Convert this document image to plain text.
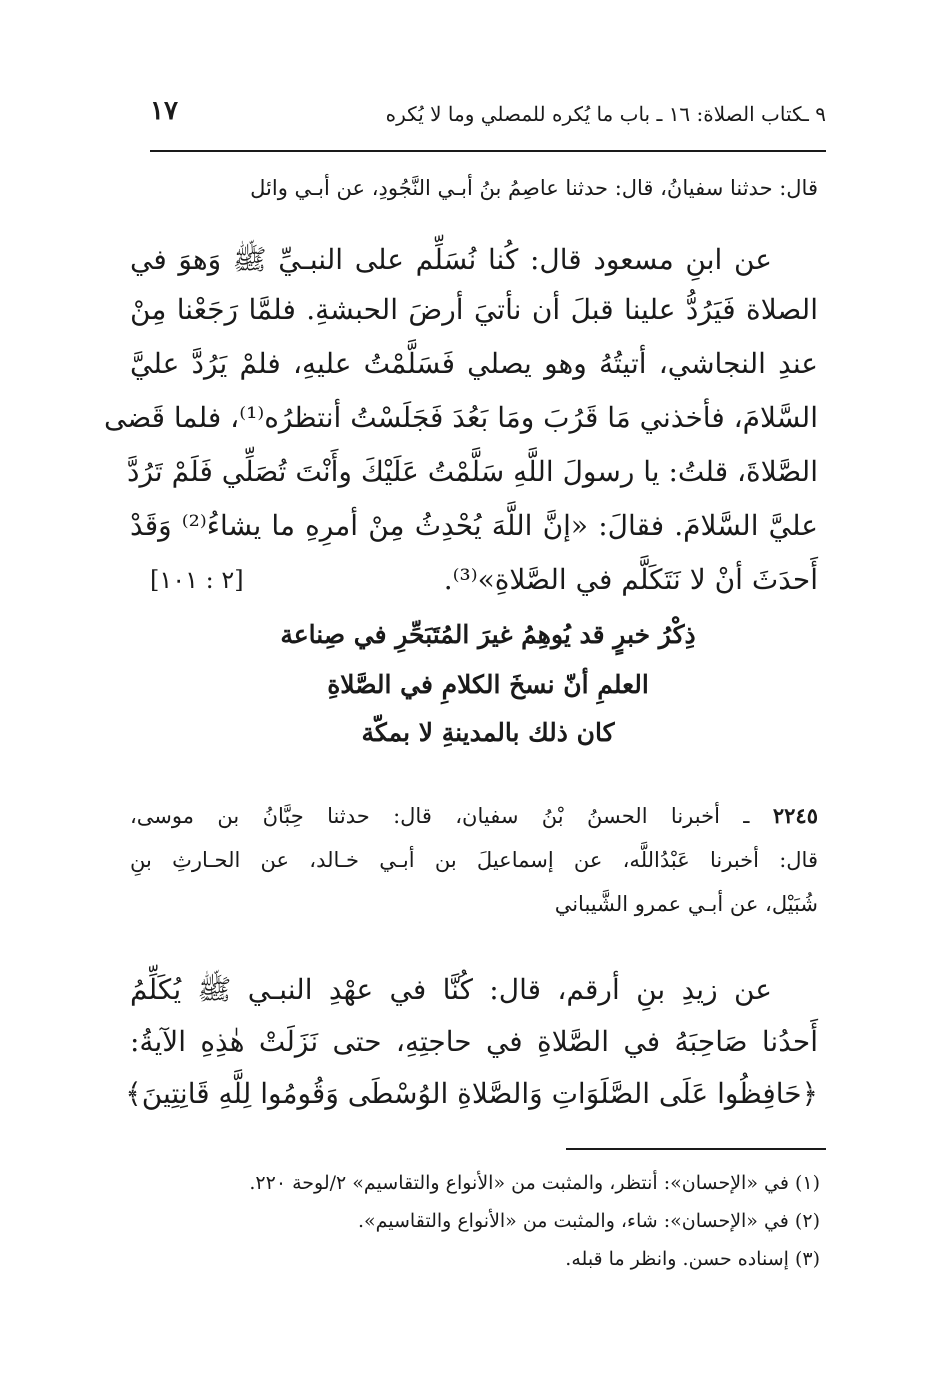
١٧	٩ ـكتاب الصلاة: ١٦ ـ باب ما يُكره للمصلي وما لا يُكره
قال: حدثنا سفيانُ، قال: حدثنا عاصِمُ بنُ أبـي النَّجُودِ، عن أبـي وائل
عن ابنِ مسعود قال: كُنا نُسَلِّم على النبـيِّ ﷺ وَهوَ في
الصلاة فَيَرُدُّ علينا قبلَ أن نأتيَ أرضَ الحبشةِ. فلمَّا رَجَعْنا مِنْ
عندِ النجاشي، أتيتُهُ وهو يصلي فَسَلَّمْتُ عليهِ، فلمْ يَرُدَّ عليَّ
السَّلامَ، فأخذني مَا قَرُبَ ومَا بَعُدَ فَجَلَسْتُ أنتظرُه⁽¹⁾، فلما قَضى
الصَّلاةَ، قلتُ: يا رسولَ اللَّهِ سَلَّمْتُ عَلَيْكَ وأَنْتَ تُصَلِّي فَلَمْ تَرُدَّ
عليَّ السَّلامَ. فقالَ: «إنَّ اللَّهَ يُحْدِثُ مِنْ أمرِهِ ما يشاءُ⁽²⁾ وَقَدْ
أَحدَثَ أنْ لا نَتَكَلَّم في الصَّلاةِ»⁽³⁾.
[٢ : ١٠١]
ذِكْرُ خبرٍ قد يُوهِمُ غيرَ المُتَبَحِّرِ في صِناعة
العلمِ أنّ نسخَ الكلامِ في الصَّلاةِ
كان ذلك بالمدينةِ لا بمكّة
٢٢٤٥ ـ أخبرنا الحسنُ بْنُ سفيان، قال: حدثنا حِبَّانُ بن موسى،
قال: أخبرنا عَبْدُاللَّه، عن إسماعيلَ بن أبـي خـالد، عن الحـارثِ بنِ
شُبَيْل، عن أبـي عمرو الشَّيباني
عن زيدِ بنِ أرقم، قال: كُنَّا في عهْدِ النبـي ﷺ يُكَلِّمُ
أَحدُنا صَاحِبَهُ في الصَّلاةِ في حاجتِهِ، حتى نَزَلَتْ هٰذِهِ الآيةُ:
﴿حَافِظُوا عَلَى الصَّلَوَاتِ وَالصَّلاةِ الوُسْطَى وَقُومُوا لِلَّهِ قَانِتِينَ﴾
(١) في «الإحسان»: أنتظر، والمثبت من «الأنواع والتقاسيم» ٢/لوحة ٢٢٠.
(٢) في «الإحسان»: شاء، والمثبت من «الأنواع والتقاسيم».
(٣) إسناده حسن. وانظر ما قبله.
